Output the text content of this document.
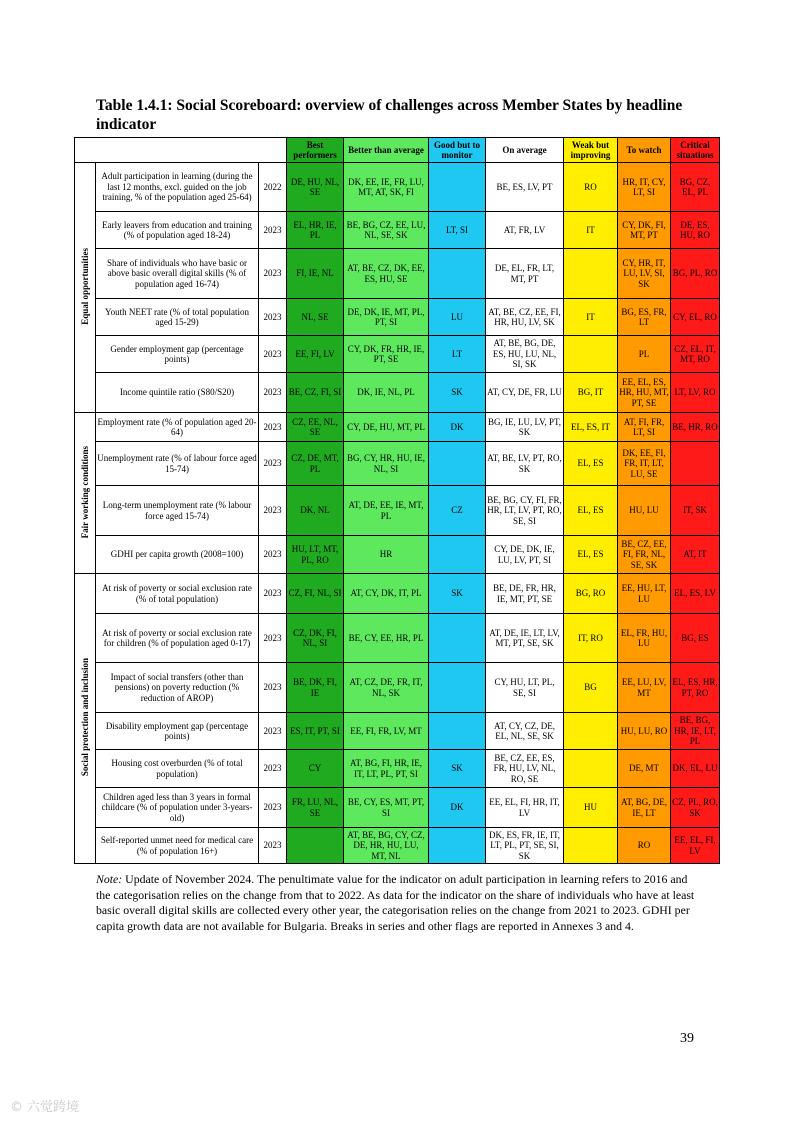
Table 1.4.1: Social Scoreboard: overview of challenges across Member States by headline indicator
			Best performers	Better than average	Good but to monitor	On average	Weak but improving	To watch	Critical situations
Equal opportunities	Adult participation in learning (during the last 12 months, excl. guided on the job training, % of the population aged 25-64)	2022	DE, HU, NL, SE	DK, EE, IE, FR, LU, MT, AT, SK, FI		BE, ES, LV, PT	RO	HR, IT, CY, LT, SI	BG, CZ, EL, PL
	Early leavers from education and training (% of population aged 18-24)	2023	EL, HR, IE, PL	BE, BG, CZ, EE, LU, NL, SE, SK	LT, SI	AT, FR, LV	IT	CY, DK, FI, MT, PT	DE, ES, HU, RO
	Share of individuals who have basic or above basic overall digital skills (% of population aged 16-74)	2023	FI, IE, NL	AT, BE, CZ, DK, EE, ES, HU, SE		DE, EL, FR, LT, MT, PT		CY, HR, IT, LU, LV, SI, SK	BG, PL, RO
	Youth NEET rate (% of total population aged 15-29)	2023	NL, SE	DE, DK, IE, MT, PL, PT, SI	LU	AT, BE, CZ, EE, FI, HR, HU, LV, SK	IT	BG, ES, FR, LT	CY, EL, RO
	Gender employment gap (percentage points)	2023	EE, FI, LV	CY, DK, FR, HR, IE, PT, SE	LT	AT, BE, BG, DE, ES, HU, LU, NL, SI, SK		PL	CZ, EL, IT, MT, RO
	Income quintile ratio (S80/S20)	2023	BE, CZ, FI, SI	DK, IE, NL, PL	SK	AT, CY, DE, FR, LU	BG, IT	EE, EL, ES, HR, HU, MT, PT, SE	LT, LV, RO
Fair working conditions	Employment rate (% of population aged 20-64)	2023	CZ, EE, NL, SE	CY, DE, HU, MT, PL	DK	BG, IE, LU, LV, PT, SK	EL, ES, IT	AT, FI, FR, LT, SI	BE, HR, RO
	Unemployment rate (% of labour force aged 15-74)	2023	CZ, DE, MT, PL	BG, CY, HR, HU, IE, NL, SI		AT, BE, LV, PT, RO, SK	EL, ES	DK, EE, FI, FR, IT, LT, LU, SE	
	Long-term unemployment rate (% labour force aged 15-74)	2023	DK, NL	AT, DE, EE, IE, MT, PL	CZ	BE, BG, CY, FI, FR, HR, LT, LV, PT, RO, SE, SI	EL, ES	HU, LU	IT, SK
	GDHI per capita growth (2008=100)	2023	HU, LT, MT, PL, RO	HR		CY, DE, DK, IE, LU, LV, PT, SI	EL, ES	BE, CZ, EE, FI, FR, NL, SE, SK	AT, IT
Social protection and inclusion	At risk of poverty or social exclusion rate (% of total population)	2023	CZ, FI, NL, SI	AT, CY, DK, IT, PL	SK	BE, DE, FR, HR, IE, MT, PT, SE	BG, RO	EE, HU, LT, LU	EL, ES, LV
	At risk of poverty or social exclusion rate for children (% of population aged 0-17)	2023	CZ, DK, FI, NL, SI	BE, CY, EE, HR, PL		AT, DE, IE, LT, LV, MT, PT, SE, SK	IT, RO	EL, FR, HU, LU	BG, ES
	Impact of social transfers (other than pensions) on poverty reduction (% reduction of AROP)	2023	BE, DK, FI, IE	AT, CZ, DE, FR, IT, NL, SK		CY, HU, LT, PL, SE, SI	BG	EE, LU, LV, MT	EL, ES, HR, PT, RO
	Disability employment gap (percentage points)	2023	ES, IT, PT, SI	EE, FI, FR, LV, MT		AT, CY, CZ, DE, EL, NL, SE, SK		HU, LU, RO	BE, BG, HR, IE, LT, PL
	Housing cost overburden (% of total population)	2023	CY	AT, BG, FI, HR, IE, IT, LT, PL, PT, SI	SK	BE, CZ, EE, ES, FR, HU, LV, NL, RO, SE		DE, MT	DK, EL, LU
	Children aged less than 3 years in formal childcare (% of population under 3-years-old)	2023	FR, LU, NL, SE	BE, CY, ES, MT, PT, SI	DK	EE, EL, FI, HR, IT, LV	HU	AT, BG, DE, IE, LT	CZ, PL, RO, SK
	Self-reported unmet need for medical care (% of population 16+)	2023		AT, BE, BG, CY, CZ, DE, HR, HU, LU, MT, NL		DK, ES, FR, IE, IT, LT, PL, PT, SE, SI, SK		RO	EE, EL, FI, LV

Note: Update of November 2024. The penultimate value for the indicator on adult participation in learning refers to 2016 and the categorisation relies on the change from that to 2022. As data for the indicator on the share of individuals who have at least basic overall digital skills are collected every other year, the categorisation relies on the change from 2021 to 2023. GDHI per capita growth data are not available for Bulgaria. Breaks in series and other flags are reported in Annexes 3 and 4.

39
© 六觉跨境
